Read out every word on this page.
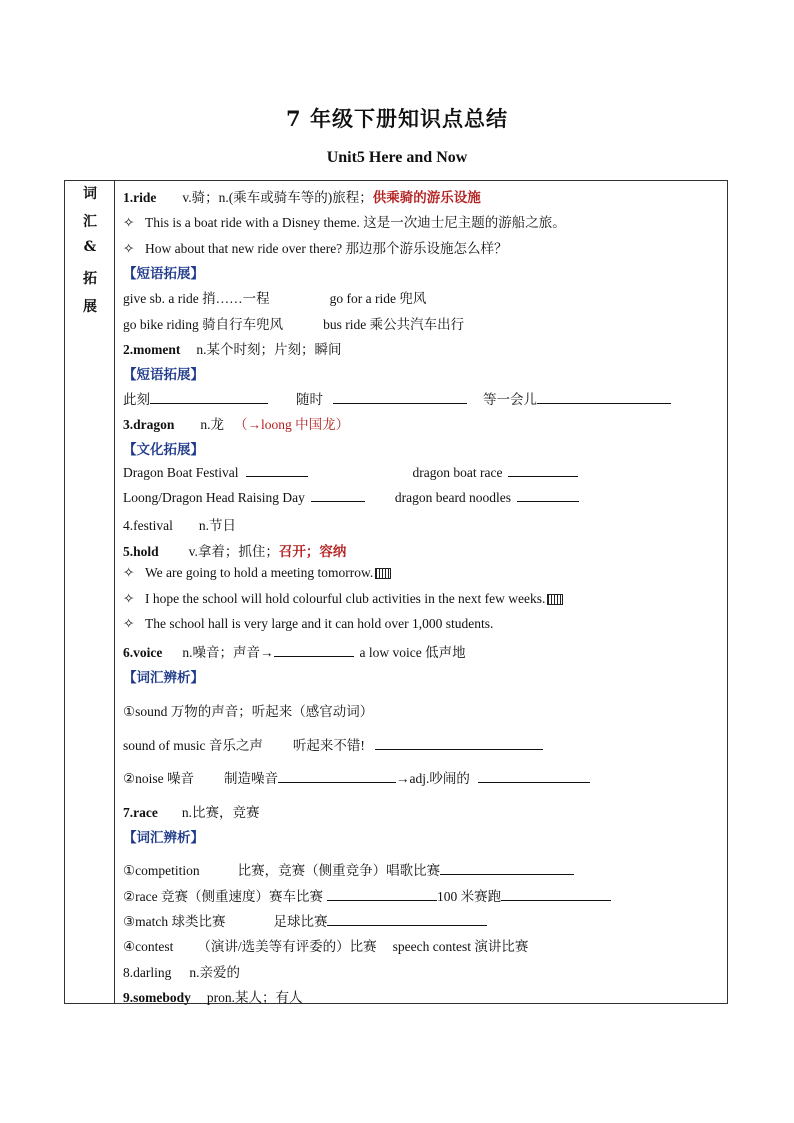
7 年级下册知识点总结
Unit5 Here and Now
词
汇
&
拓
展
1.ride v.骑；n.(乘车或骑车等的)旅程；供乘骑的游乐设施
✧ This is a boat ride with a Disney theme. 这是一次迪士尼主题的游船之旅。
✧ How about that new ride over there? 那边那个游乐设施怎么样？
【短语拓展】
give sb. a ride 捎……一程	go for a ride 兜风
go bike riding 骑自行车兜风	bus ride 乘公共汽车出行
2.moment n.某个时刻；片刻；瞬间
【短语拓展】
此刻	随时	等一会儿
3.dragon n.龙 （→loong 中国龙）
【文化拓展】
Dragon Boat Festival	dragon boat race
Loong/Dragon Head Raising Day	dragon beard noodles
4.festival n.节日
5.hold v.拿着；抓住；召开；容纳
✧ We are going to hold a meeting tomorrow.
✧ I hope the school will hold colourful club activities in the next few weeks.
✧ The school hall is very large and it can hold over 1,000 students.
6.voice n.噪音；声音→	a low voice 低声地
【词汇辨析】
①sound 万物的声音；听起来（感官动词）
sound of music 音乐之声 听起来不错!
②noise 噪音 制造噪音	→adj.吵闹的
7.race n.比赛，竞赛
【词汇辨析】
①competition	比赛，竞赛（侧重竞争）唱歌比赛
②race 竞赛（侧重速度）赛车比赛	100 米赛跑
③match 球类比赛	足球比赛
④contest （演讲/选美等有评委的）比赛 speech contest 演讲比赛
8.darling n.亲爱的
9.somebody pron.某人；有人
